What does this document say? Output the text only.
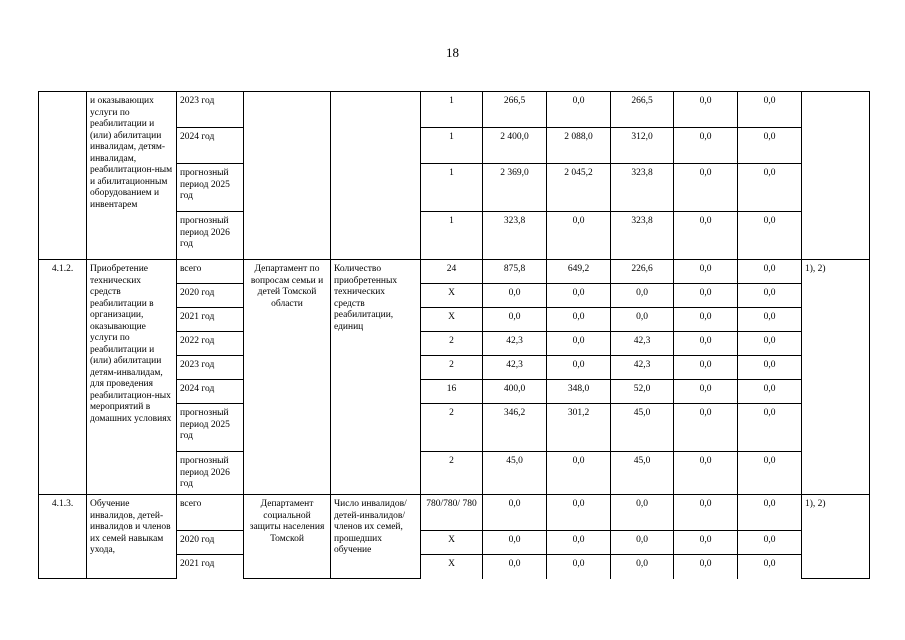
18
	и оказывающих услуги по реабилитации и (или) абилитации инвалидам, детям-инвалидам, реабилитацион-ным и абилитационным оборудованием и инвентарем	2023 год			1	266,5	0,0	266,5	0,0	0,0	
		2024 год			1	2 400,0	2 088,0	312,0	0,0	0,0	
		прогнозный период 2025 год			1	2 369,0	2 045,2	323,8	0,0	0,0	
		прогнозный период 2026 год			1	323,8	0,0	323,8	0,0	0,0	
4.1.2.	Приобретение технических средств реабилитации в организации, оказывающие услуги по реабилитации и (или) абилитации детям-инвалидам, для проведения реабилитацион-ных мероприятий в домашних условиях	всего	Департамент по вопросам семьи и детей Томской области	Количество приобретенных технических средств реабилитации, единиц	24	875,8	649,2	226,6	0,0	0,0	1), 2)
		2020 год			X	0,0	0,0	0,0	0,0	0,0	
		2021 год			X	0,0	0,0	0,0	0,0	0,0	
		2022 год			2	42,3	0,0	42,3	0,0	0,0	
		2023 год			2	42,3	0,0	42,3	0,0	0,0	
		2024 год			16	400,0	348,0	52,0	0,0	0,0	
		прогнозный период 2025 год			2	346,2	301,2	45,0	0,0	0,0	
		прогнозный период 2026 год			2	45,0	0,0	45,0	0,0	0,0	
4.1.3.	Обучение инвалидов, детей-инвалидов и членов их семей навыкам ухода,	всего	Департамент социальной защиты населения Томской	Число инвалидов/ детей-инвалидов/ членов их семей, прошедших обучение	780/780/ 780	0,0	0,0	0,0	0,0	0,0	1), 2)
		2020 год			X	0,0	0,0	0,0	0,0	0,0	
		2021 год			X	0,0	0,0	0,0	0,0	0,0	
